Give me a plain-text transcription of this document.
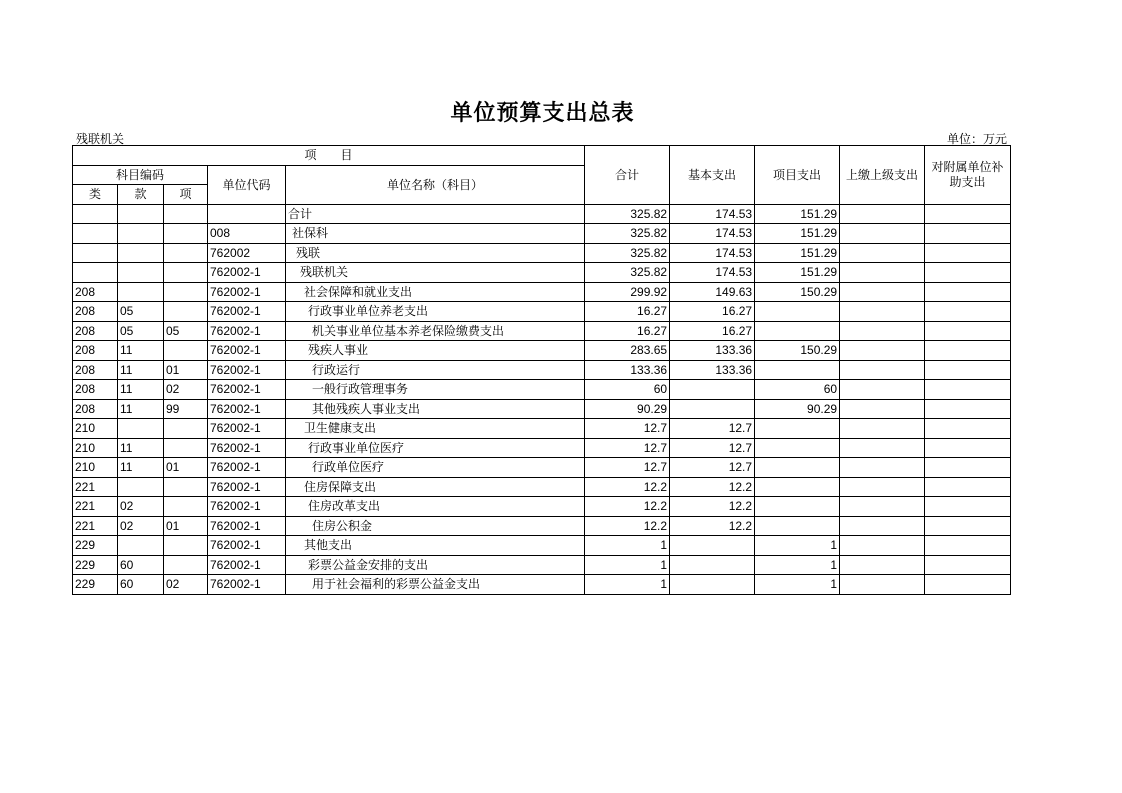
单位预算支出总表
残联机关	单位：万元
项　　目					合计	基本支出	项目支出	上缴上级支出	对附属单位补助支出
科目编码			单位代码	单位名称（科目）					
类	款	项							
				合计	325.82	174.53	151.29		
			008	社保科	325.82	174.53	151.29		
			762002	残联	325.82	174.53	151.29		
			762002-1	残联机关	325.82	174.53	151.29		
208			762002-1	社会保障和就业支出	299.92	149.63	150.29		
208	05		762002-1	行政事业单位养老支出	16.27	16.27			
208	05	05	762002-1	机关事业单位基本养老保险缴费支出	16.27	16.27			
208	11		762002-1	残疾人事业	283.65	133.36	150.29		
208	11	01	762002-1	行政运行	133.36	133.36			
208	11	02	762002-1	一般行政管理事务	60		60		
208	11	99	762002-1	其他残疾人事业支出	90.29		90.29		
210			762002-1	卫生健康支出	12.7	12.7			
210	11		762002-1	行政事业单位医疗	12.7	12.7			
210	11	01	762002-1	行政单位医疗	12.7	12.7			
221			762002-1	住房保障支出	12.2	12.2			
221	02		762002-1	住房改革支出	12.2	12.2			
221	02	01	762002-1	住房公积金	12.2	12.2			
229			762002-1	其他支出	1		1		
229	60		762002-1	彩票公益金安排的支出	1		1		
229	60	02	762002-1	用于社会福利的彩票公益金支出	1		1		
